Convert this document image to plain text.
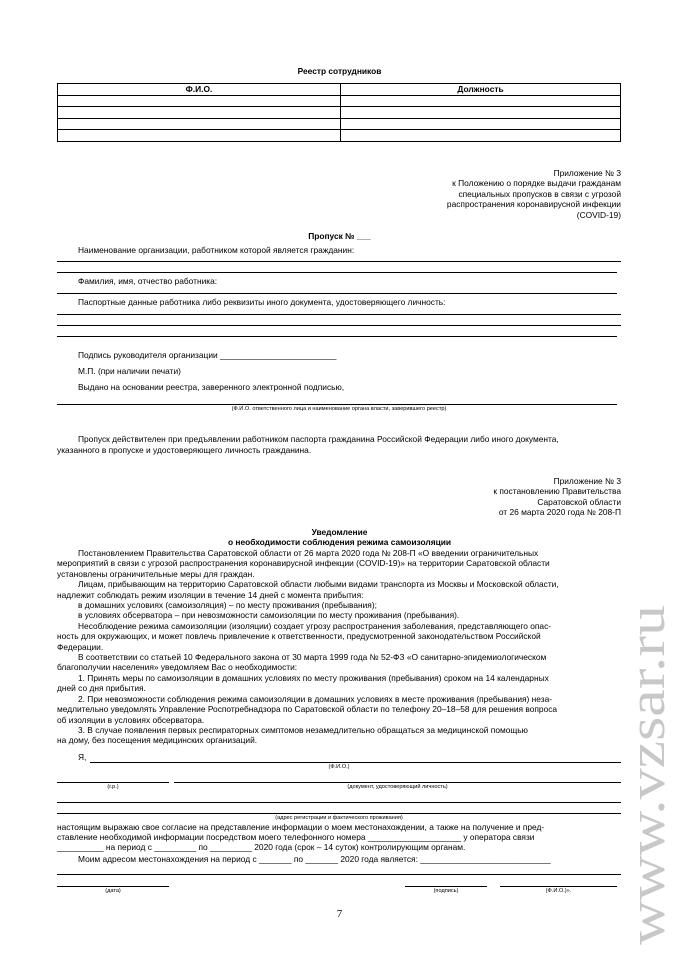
Реестр сотрудников
Ф.И.О.	Должность

Приложение № 3
к Положению о порядке выдачи гражданам
специальных пропусков в связи с угрозой
распространения коронавирусной инфекции
(COVID-19)
Пропуск № ___
Наименование организации, работником которой является гражданин:
Фамилия, имя, отчество работника:
Паспортные данные работника либо реквизиты иного документа, удостоверяющего личность:
Подпись руководителя организации _________________________
М.П. (при наличии печати)
Выдано на основании реестра, заверенного электронной подписью,
(Ф.И.О. ответственного лица и наименование органа власти, заверившего реестр)
Пропуск действителен при предъявлении работником паспорта гражданина Российской Федерации либо иного документа,
указанного в пропуске и удостоверяющего личность гражданина.
Приложение № 3
к постановлению Правительства
Саратовской области
от 26 марта 2020 года № 208-П
Уведомление
о необходимости соблюдения режима самоизоляции
Постановлением Правительства Саратовской области от 26 марта 2020 года № 208-П «О введении ограничительных
мероприятий в связи с угрозой распространения коронавирусной инфекции (COVID-19)» на территории Саратовской области
установлены ограничительные меры для граждан.
Лицам, прибывающим на территорию Саратовской области любыми видами транспорта из Москвы и Московской области,
надлежит соблюдать режим изоляции в течение 14 дней с момента прибытия:
в домашних условиях (самоизоляция) – по месту проживания (пребывания);
в условиях обсерватора – при невозможности самоизоляции по месту проживания (пребывания).
Несоблюдение режима самоизоляции (изоляции) создает угрозу распространения заболевания, представляющего опас-
ность для окружающих, и может повлечь привлечение к ответственности, предусмотренной законодательством Российской
Федерации.
В соответствии со статьей 10 Федерального закона от 30 марта 1999 года № 52-ФЗ «О санитарно-эпидемиологическом
благополучии населения» уведомляем Вас о необходимости:
1. Принять меры по самоизоляции в домашних условиях по месту проживания (пребывания) сроком на 14 календарных
дней со дня прибытия.
2. При невозможности соблюдения режима самоизоляции в домашних условиях в месте проживания (пребывания) неза-
медлительно уведомлять Управление Роспотребнадзора по Саратовской области по телефону 20–18–58 для решения вопроса
об изоляции в условиях обсерватора.
3. В случае появления первых респираторных симптомов незамедлительно обращаться за медицинской помощью
на дому, без посещения медицинских организаций.
Я,
(Ф.И.О.)
(г.р.)	(документ, удостоверяющий личность)
(адрес регистрации и фактического проживания)
настоящим выражаю свое согласие на представление информации о моем местонахождении, а также на получение и пред-
ставление необходимой информации посредством моего телефонного номера ____________________ у оператора связи
__________ на период с _________ по _________ 2020 года (срок – 14 суток) контролирующим органам.
Моим адресом местонахождения на период с _______ по _______ 2020 года является: ____________________________
(дата)	(подпись)	(Ф.И.О.)».
7	www.vzsar.ru
